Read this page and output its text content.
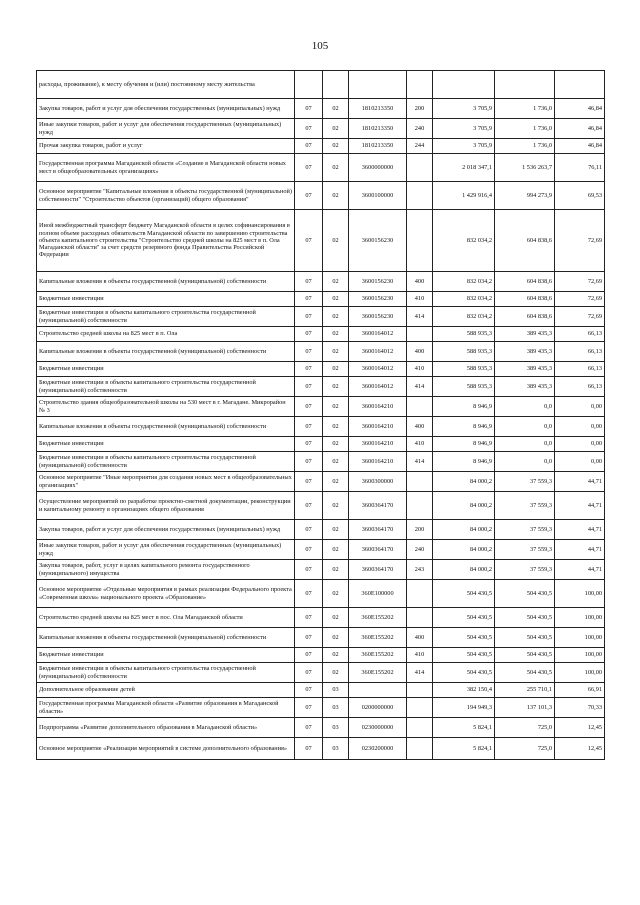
105
расходы, проживание), к месту обучения и (или) постоянному месту жительства							
Закупка товаров, работ и услуг для обеспечения государственных (муниципальных) нужд	07	02	1810213350	200	3 705,9	1 736,0	46,84
Иные закупки товаров, работ и услуг для обеспечения государственных (муниципальных) нужд	07	02	1810213350	240	3 705,9	1 736,0	46,84
Прочая закупка товаров, работ и услуг	07	02	1810213350	244	3 705,9	1 736,0	46,84
Государственная программа Магаданской области «Создание в Магаданской области новых мест в общеобразовательных организациях»	07	02	3600000000		2 018 347,1	1 536 263,7	76,11
Основное мероприятие "Капитальные вложения в объекты государственной (муниципальной) собственности" "Строительство объектов (организаций) общего образования"	07	02	3600100000		1 429 916,4	994 273,9	69,53
Иной межбюджетный трансферт бюджету Магаданской области в целях софинансирования в полном объеме расходных обязательств Магаданской области по завершению строительства объекта капитального строительства "Строительство средней школы на 825 мест в п. Ола Магаданской области" за счет средств резервного фонда Правительства Российской Федерации	07	02	3600156230		832 034,2	604 838,6	72,69
Капитальные вложения в объекты государственной (муниципальной) собственности	07	02	3600156230	400	832 034,2	604 838,6	72,69
Бюджетные инвестиции	07	02	3600156230	410	832 034,2	604 838,6	72,69
Бюджетные инвестиции в объекты капитального строительства государственной (муниципальной) собственности	07	02	3600156230	414	832 034,2	604 838,6	72,69
Строительство средней школы на 825 мест в п. Ола	07	02	3600164012		588 935,3	389 435,3	66,13
Капитальные вложения в объекты государственной (муниципальной) собственности	07	02	3600164012	400	588 935,3	389 435,3	66,13
Бюджетные инвестиции	07	02	3600164012	410	588 935,3	389 435,3	66,13
Бюджетные инвестиции в объекты капитального строительства государственной (муниципальной) собственности	07	02	3600164012	414	588 935,3	389 435,3	66,13
Строительство здания общеобразовательной школы на 530 мест в г. Магадане. Микрорайон № 3	07	02	3600164210		8 946,9	0,0	0,00
Капитальные вложения в объекты государственной (муниципальной) собственности	07	02	3600164210	400	8 946,9	0,0	0,00
Бюджетные инвестиции	07	02	3600164210	410	8 946,9	0,0	0,00
Бюджетные инвестиции в объекты капитального строительства государственной (муниципальной) собственности	07	02	3600164210	414	8 946,9	0,0	0,00
Основное мероприятие "Иные мероприятия для создания новых мест в общеобразовательных организациях"	07	02	3600300000		84 000,2	37 559,3	44,71
Осуществление мероприятий по разработке проектно-сметной документации, реконструкции и капитальному ремонту в организациях общего образования	07	02	3600364170		84 000,2	37 559,3	44,71
Закупка товаров, работ и услуг для обеспечения государственных (муниципальных) нужд	07	02	3600364170	200	84 000,2	37 559,3	44,71
Иные закупки товаров, работ и услуг для обеспечения государственных (муниципальных) нужд	07	02	3600364170	240	84 000,2	37 559,3	44,71
Закупка товаров, работ, услуг в целях капитального ремонта государственного (муниципального) имущества	07	02	3600364170	243	84 000,2	37 559,3	44,71
Основное мероприятие «Отдельные мероприятия в рамках реализации Федерального проекта «Современная школа» национального проекта «Образование»	07	02	360E100000		504 430,5	504 430,5	100,00
Строительство средней школы на 825 мест в пос. Ола Магаданской области	07	02	360E155202		504 430,5	504 430,5	100,00
Капитальные вложения в объекты государственной (муниципальной) собственности	07	02	360E155202	400	504 430,5	504 430,5	100,00
Бюджетные инвестиции	07	02	360E155202	410	504 430,5	504 430,5	100,00
Бюджетные инвестиции в объекты капитального строительства государственной (муниципальной) собственности	07	02	360E155202	414	504 430,5	504 430,5	100,00
Дополнительное образование детей	07	03			382 150,4	255 710,1	66,91
Государственная программа Магаданской области «Развитие образования в Магаданской области»	07	03	0200000000		194 949,3	137 101,3	70,33
Подпрограмма «Развитие дополнительного образования в Магаданской области»	07	03	0230000000		5 824,1	725,0	12,45
Основное мероприятие «Реализация мероприятий в системе дополнительного образования»	07	03	0230200000		5 824,1	725,0	12,45
